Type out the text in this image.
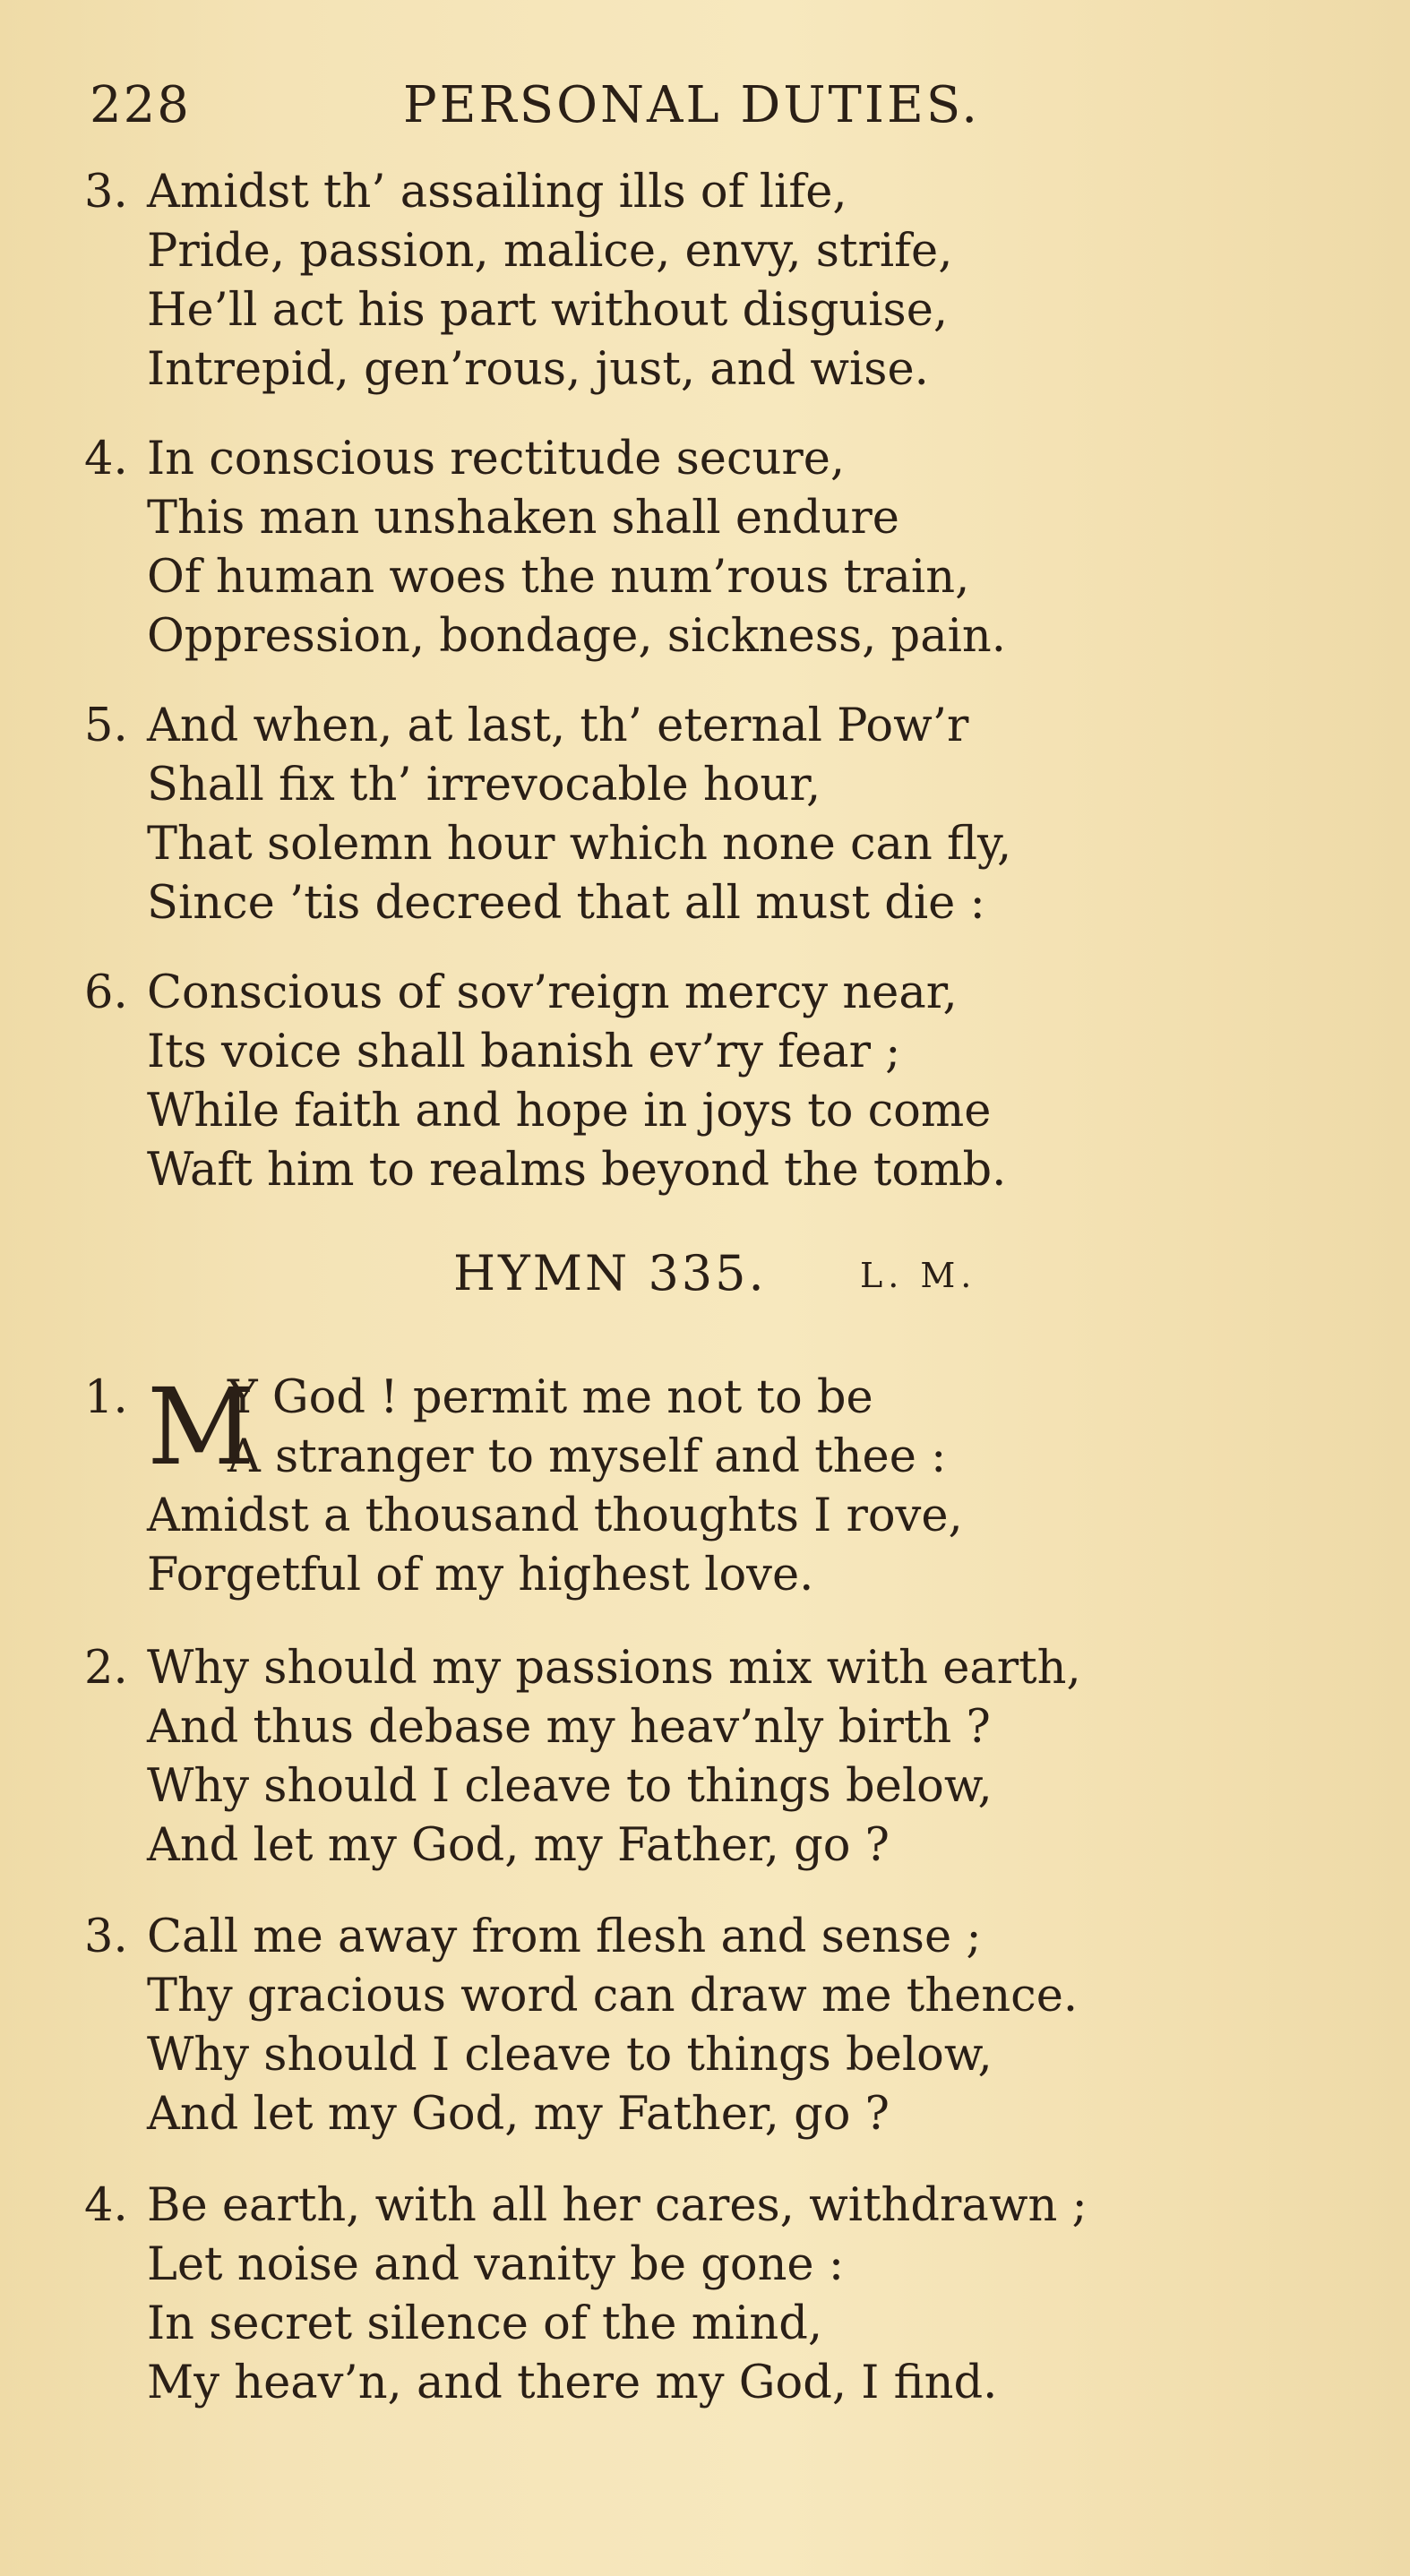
228	PERSONAL DUTIES.
3. Amidst th’ assailing ills of life,
Pride, passion, malice, envy, strife,
He’ll act his part without disguise,
Intrepid, gen’rous, just, and wise.
4. In conscious rectitude secure,
This man unshaken shall endure
Of human woes the num’rous train,
Oppression, bondage, sickness, pain.
5. And when, at last, th’ eternal Pow’r
Shall fix th’ irrevocable hour,
That solemn hour which none can fly,
Since ’tis decreed that all must die :
6. Conscious of sov’reign mercy near,
Its voice shall banish ev’ry fear ;
While faith and hope in joys to come
Waft him to realms beyond the tomb.
HYMN 335.	L. M.
1. M
Y God ! permit me not to be
A stranger to myself and thee :
Amidst a thousand thoughts I rove,
Forgetful of my highest love.
2. Why should my passions mix with earth,
And thus debase my heav’nly birth ?
Why should I cleave to things below,
And let my God, my Father, go ?
3. Call me away from flesh and sense ;
Thy gracious word can draw me thence.
Why should I cleave to things below,
And let my God, my Father, go ?
4. Be earth, with all her cares, withdrawn ;
Let noise and vanity be gone :
In secret silence of the mind,
My heav’n, and there my God, I find.
